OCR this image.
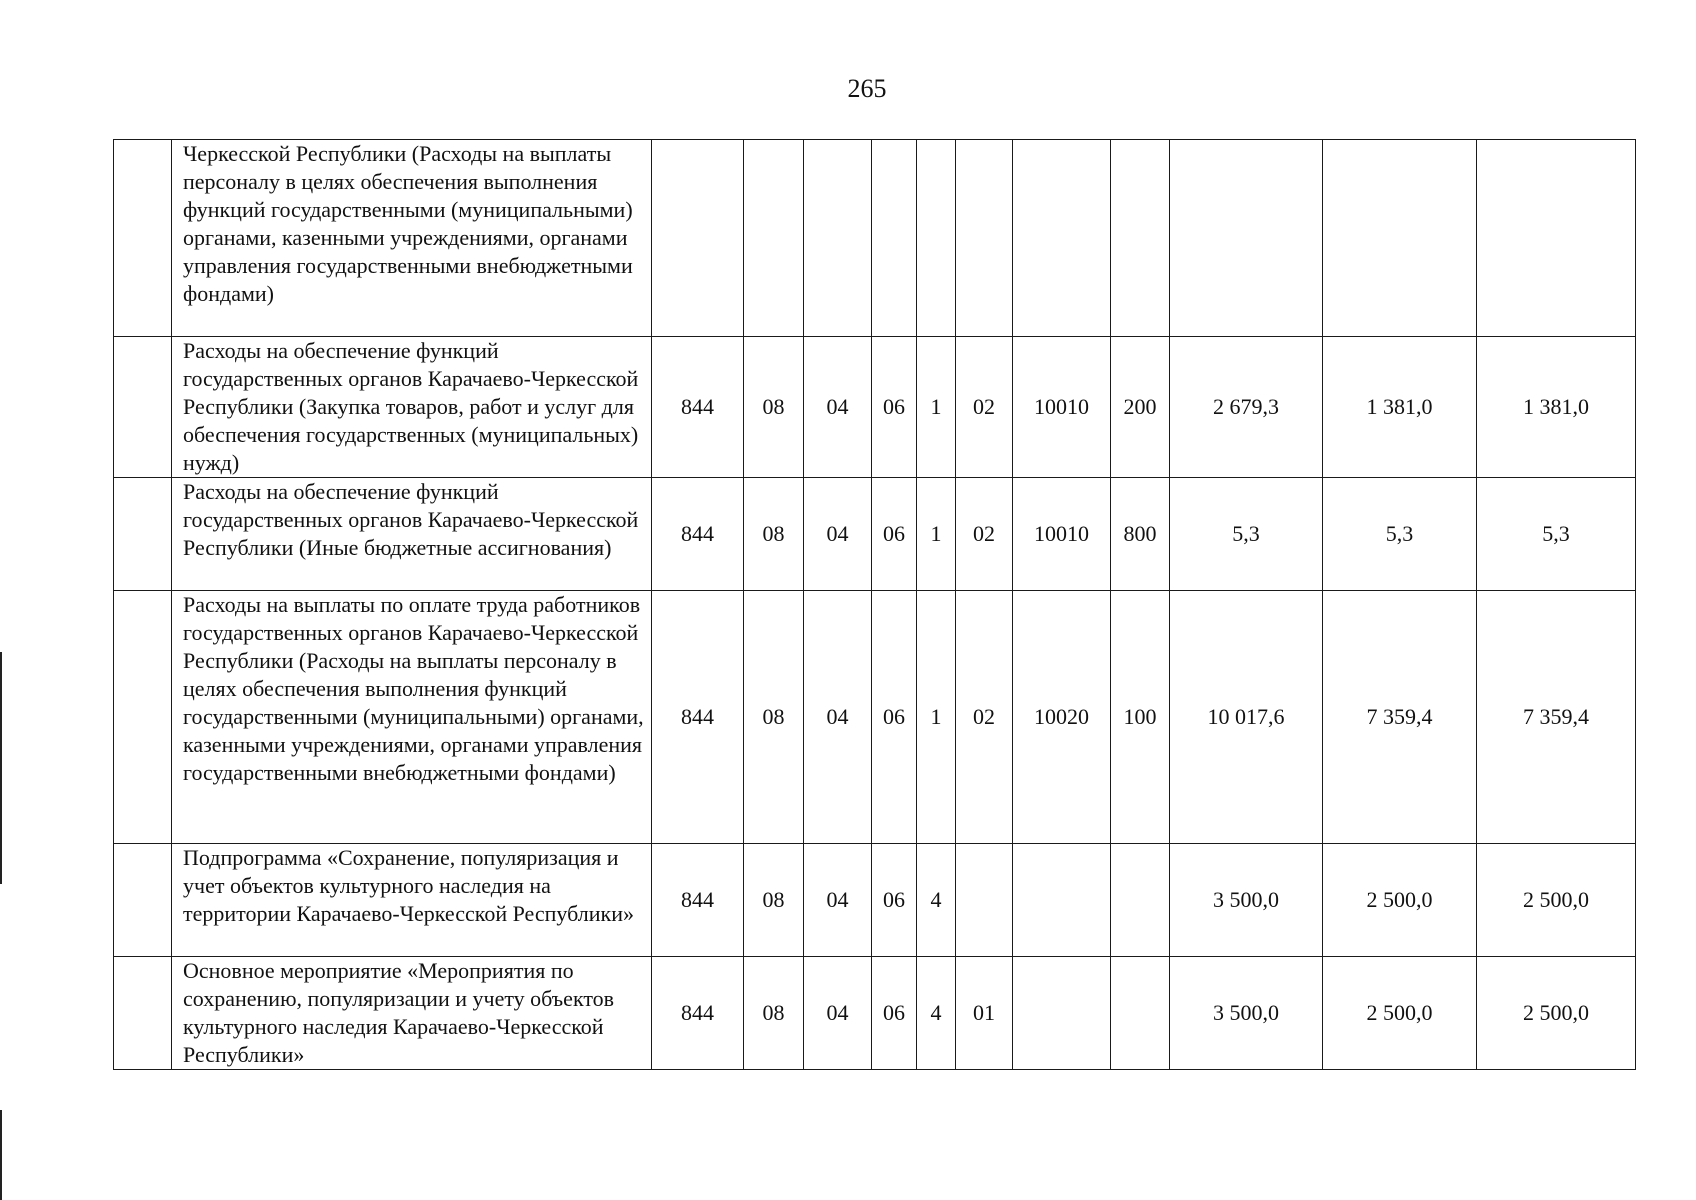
265
	Черкесской Республики (Расходы на выплаты персоналу в целях обеспечения выполнения функций государственными (муниципальными) органами, казенными учреждениями, органами управления государственными внебюджетными фондами)											
	Расходы на обеспечение функций государственных органов Карачаево-Черкесской Республики (Закупка товаров, работ и услуг для обеспечения государственных (муниципальных) нужд)	844	08	04	06	1	02	10010	200	2 679,3	1 381,0	1 381,0
	Расходы на обеспечение функций государственных органов Карачаево-Черкесской Республики (Иные бюджетные ассигнования)	844	08	04	06	1	02	10010	800	5,3	5,3	5,3
	Расходы на выплаты по оплате труда работников государственных органов Карачаево-Черкесской Республики (Расходы на выплаты персоналу в целях обеспечения выполнения функций государственными (муниципальными) органами, казенными учреждениями, органами управления государственными внебюджетными фондами)	844	08	04	06	1	02	10020	100	10 017,6	7 359,4	7 359,4
	Подпрограмма «Сохранение, популяризация и учет объектов культурного наследия на территории Карачаево-Черкесской Республики»	844	08	04	06	4				3 500,0	2 500,0	2 500,0
	Основное мероприятие «Мероприятия по сохранению, популяризации и учету объектов культурного наследия Карачаево-Черкесской Республики»	844	08	04	06	4	01			3 500,0	2 500,0	2 500,0
